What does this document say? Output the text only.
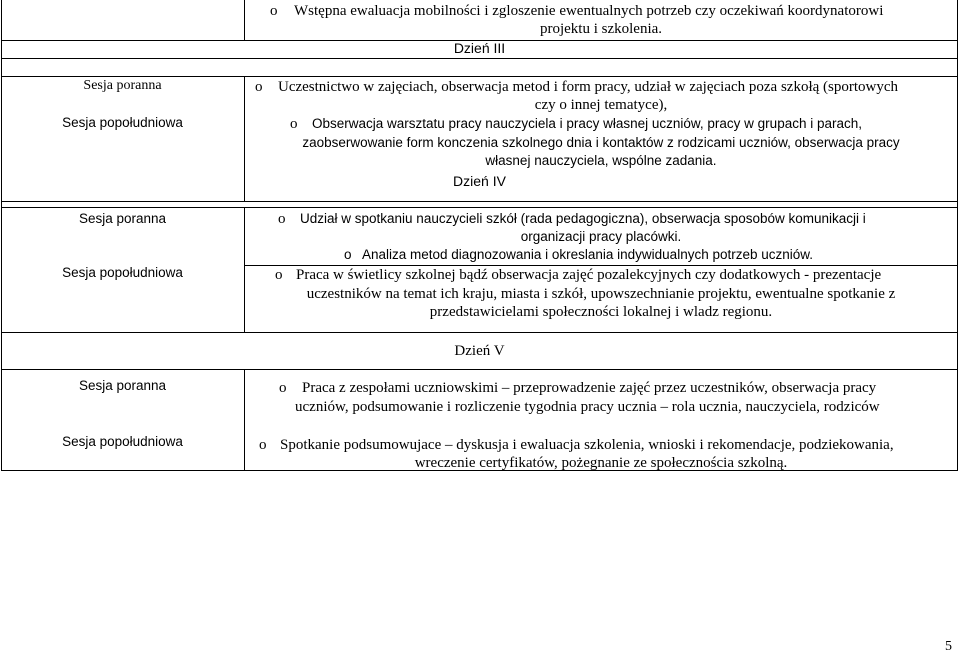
o Wstępna ewaluacja mobilności i zgloszenie ewentualnych potrzeb czy oczekiwań koordynatorowi
projektu i szkolenia.
Dzień III
Sesja poranna
Sesja popołudniowa
o Uczestnictwo w zajęciach, obserwacja metod i form pracy, udział w zajęciach poza szkołą (sportowych
czy o innej tematyce),
o Obserwacja warsztatu pracy nauczyciela i pracy własnej uczniów, pracy w grupach i parach,
zaobserwowanie form konczenia szkolnego dnia i kontaktów z rodzicami uczniów, obserwacja pracy
własnej nauczyciela, wspólne zadania.
Dzień IV
Sesja poranna
Sesja popołudniowa
o Udział w spotkaniu nauczycieli szkół (rada pedagogiczna), obserwacja sposobów komunikacji i
organizacji pracy placówki.
o Analiza metod diagnozowania i okreslania indywidualnych potrzeb uczniów.
o Praca w świetlicy szkolnej bądź obserwacja zajęć pozalekcyjnych czy dodatkowych - prezentacje
uczestników na temat ich kraju, miasta i szkół, upowszechnianie projektu, ewentualne spotkanie z
przedstawicielami społeczności lokalnej i wladz regionu.
Dzień V
Sesja poranna
Sesja popołudniowa
o Praca z zespołami uczniowskimi – przeprowadzenie zajęć przez uczestników, obserwacja pracy
uczniów, podsumowanie i rozliczenie tygodnia pracy ucznia – rola ucznia, nauczyciela, rodziców
o Spotkanie podsumowujace – dyskusja i ewaluacja szkolenia, wnioski i rekomendacje, podziekowania,
wreczenie certyfikatów, pożegnanie ze społecznościa szkolną.
5
